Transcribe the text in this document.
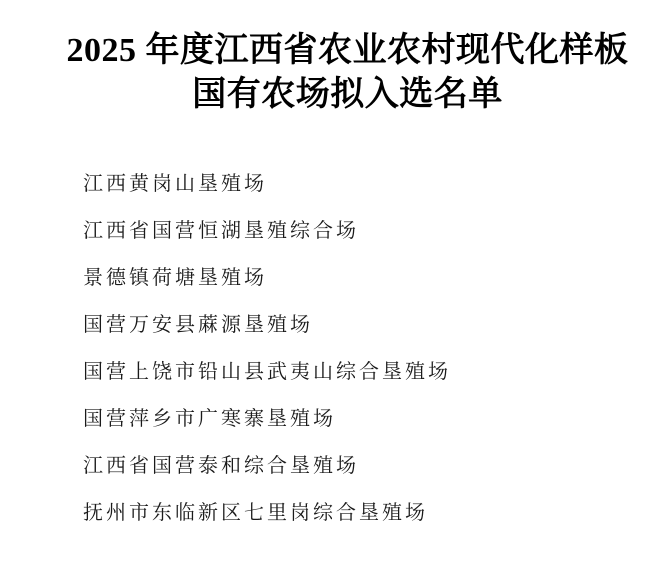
2025 年度江西省农业农村现代化样板
国有农场拟入选名单
江西黄岗山垦殖场
江西省国营恒湖垦殖综合场
景德镇荷塘垦殖场
国营万安县蔴源垦殖场
国营上饶市铅山县武夷山综合垦殖场
国营萍乡市广寒寨垦殖场
江西省国营泰和综合垦殖场
抚州市东临新区七里岗综合垦殖场
